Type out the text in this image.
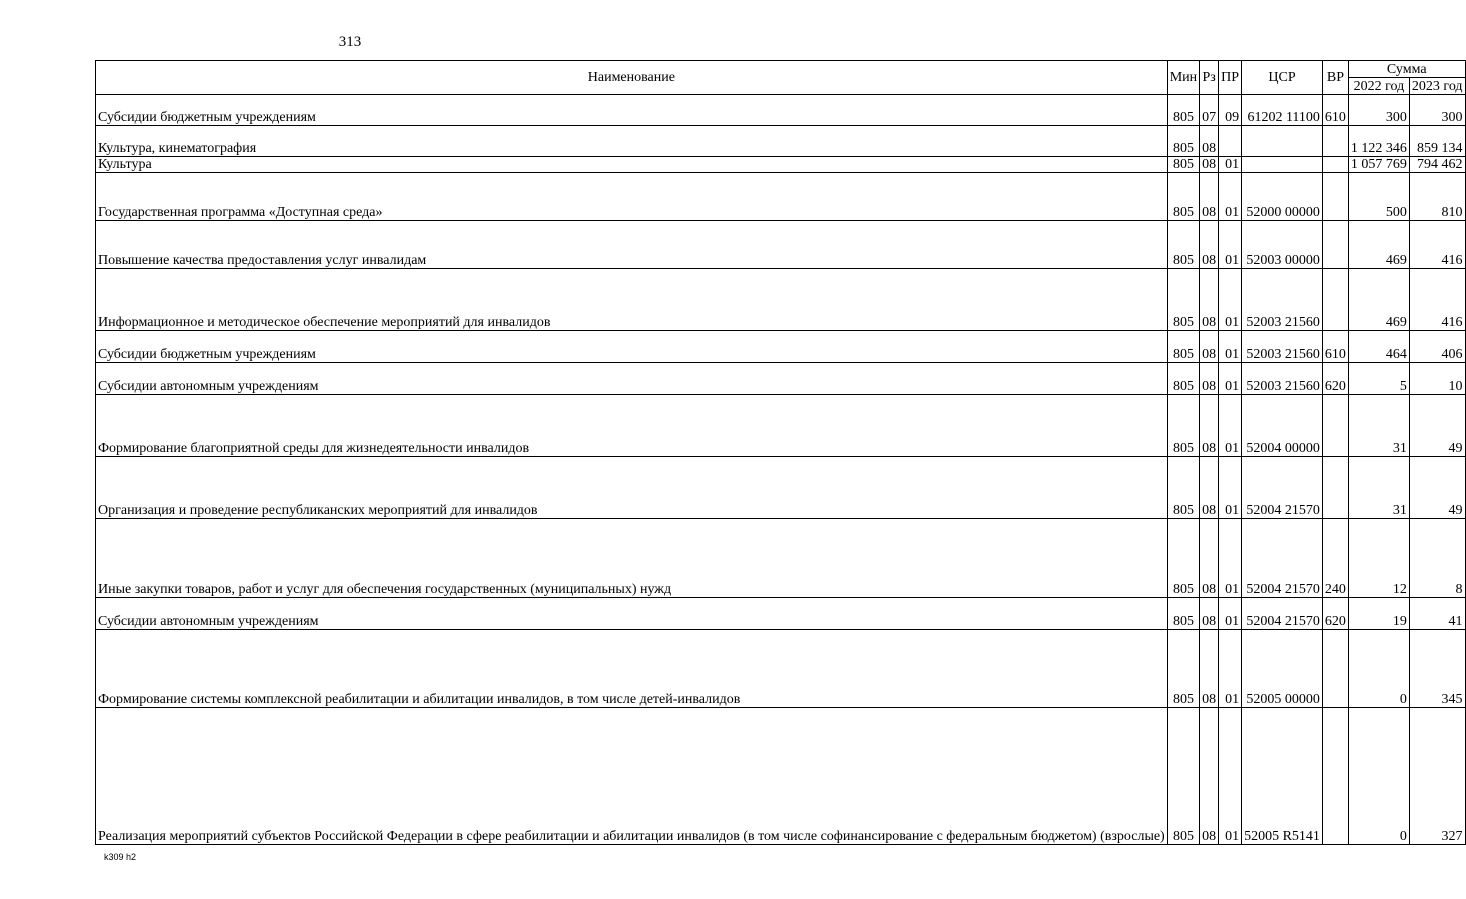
313
Наименование	Мин	Рз	ПР	ЦСР	ВР	Сумма	
						2022 год	2023 год
Субсидии бюджетным учреждениям	805	07	09	61202 11100	610	300	300
Культура, кинематография	805	08				1 122 346	859 134
Культура	805	08	01			1 057 769	794 462
Государственная программа «Доступная среда»	805	08	01	52000 00000		500	810
Повышение качества предоставления услуг инвалидам	805	08	01	52003 00000		469	416
Информационное и методическое обеспечение мероприятий для инвалидов	805	08	01	52003 21560		469	416
Субсидии бюджетным учреждениям	805	08	01	52003 21560	610	464	406
Субсидии автономным учреждениям	805	08	01	52003 21560	620	5	10
Формирование благоприятной среды для жизнедеятельности инвалидов	805	08	01	52004 00000		31	49
Организация и проведение республиканских мероприятий для инвалидов	805	08	01	52004 21570		31	49
Иные закупки товаров, работ и услуг для обеспечения государственных (муниципальных) нужд	805	08	01	52004 21570	240	12	8
Субсидии автономным учреждениям	805	08	01	52004 21570	620	19	41
Формирование системы комплексной реабилитации и абилитации инвалидов, в том числе детей-инвалидов	805	08	01	52005 00000		0	345
Реализация мероприятий субъектов Российской Федерации в сфере реабилитации и абилитации инвалидов (в том числе софинансирование с федеральным бюджетом) (взрослые)	805	08	01	52005 R5141		0	327
k309 h2
